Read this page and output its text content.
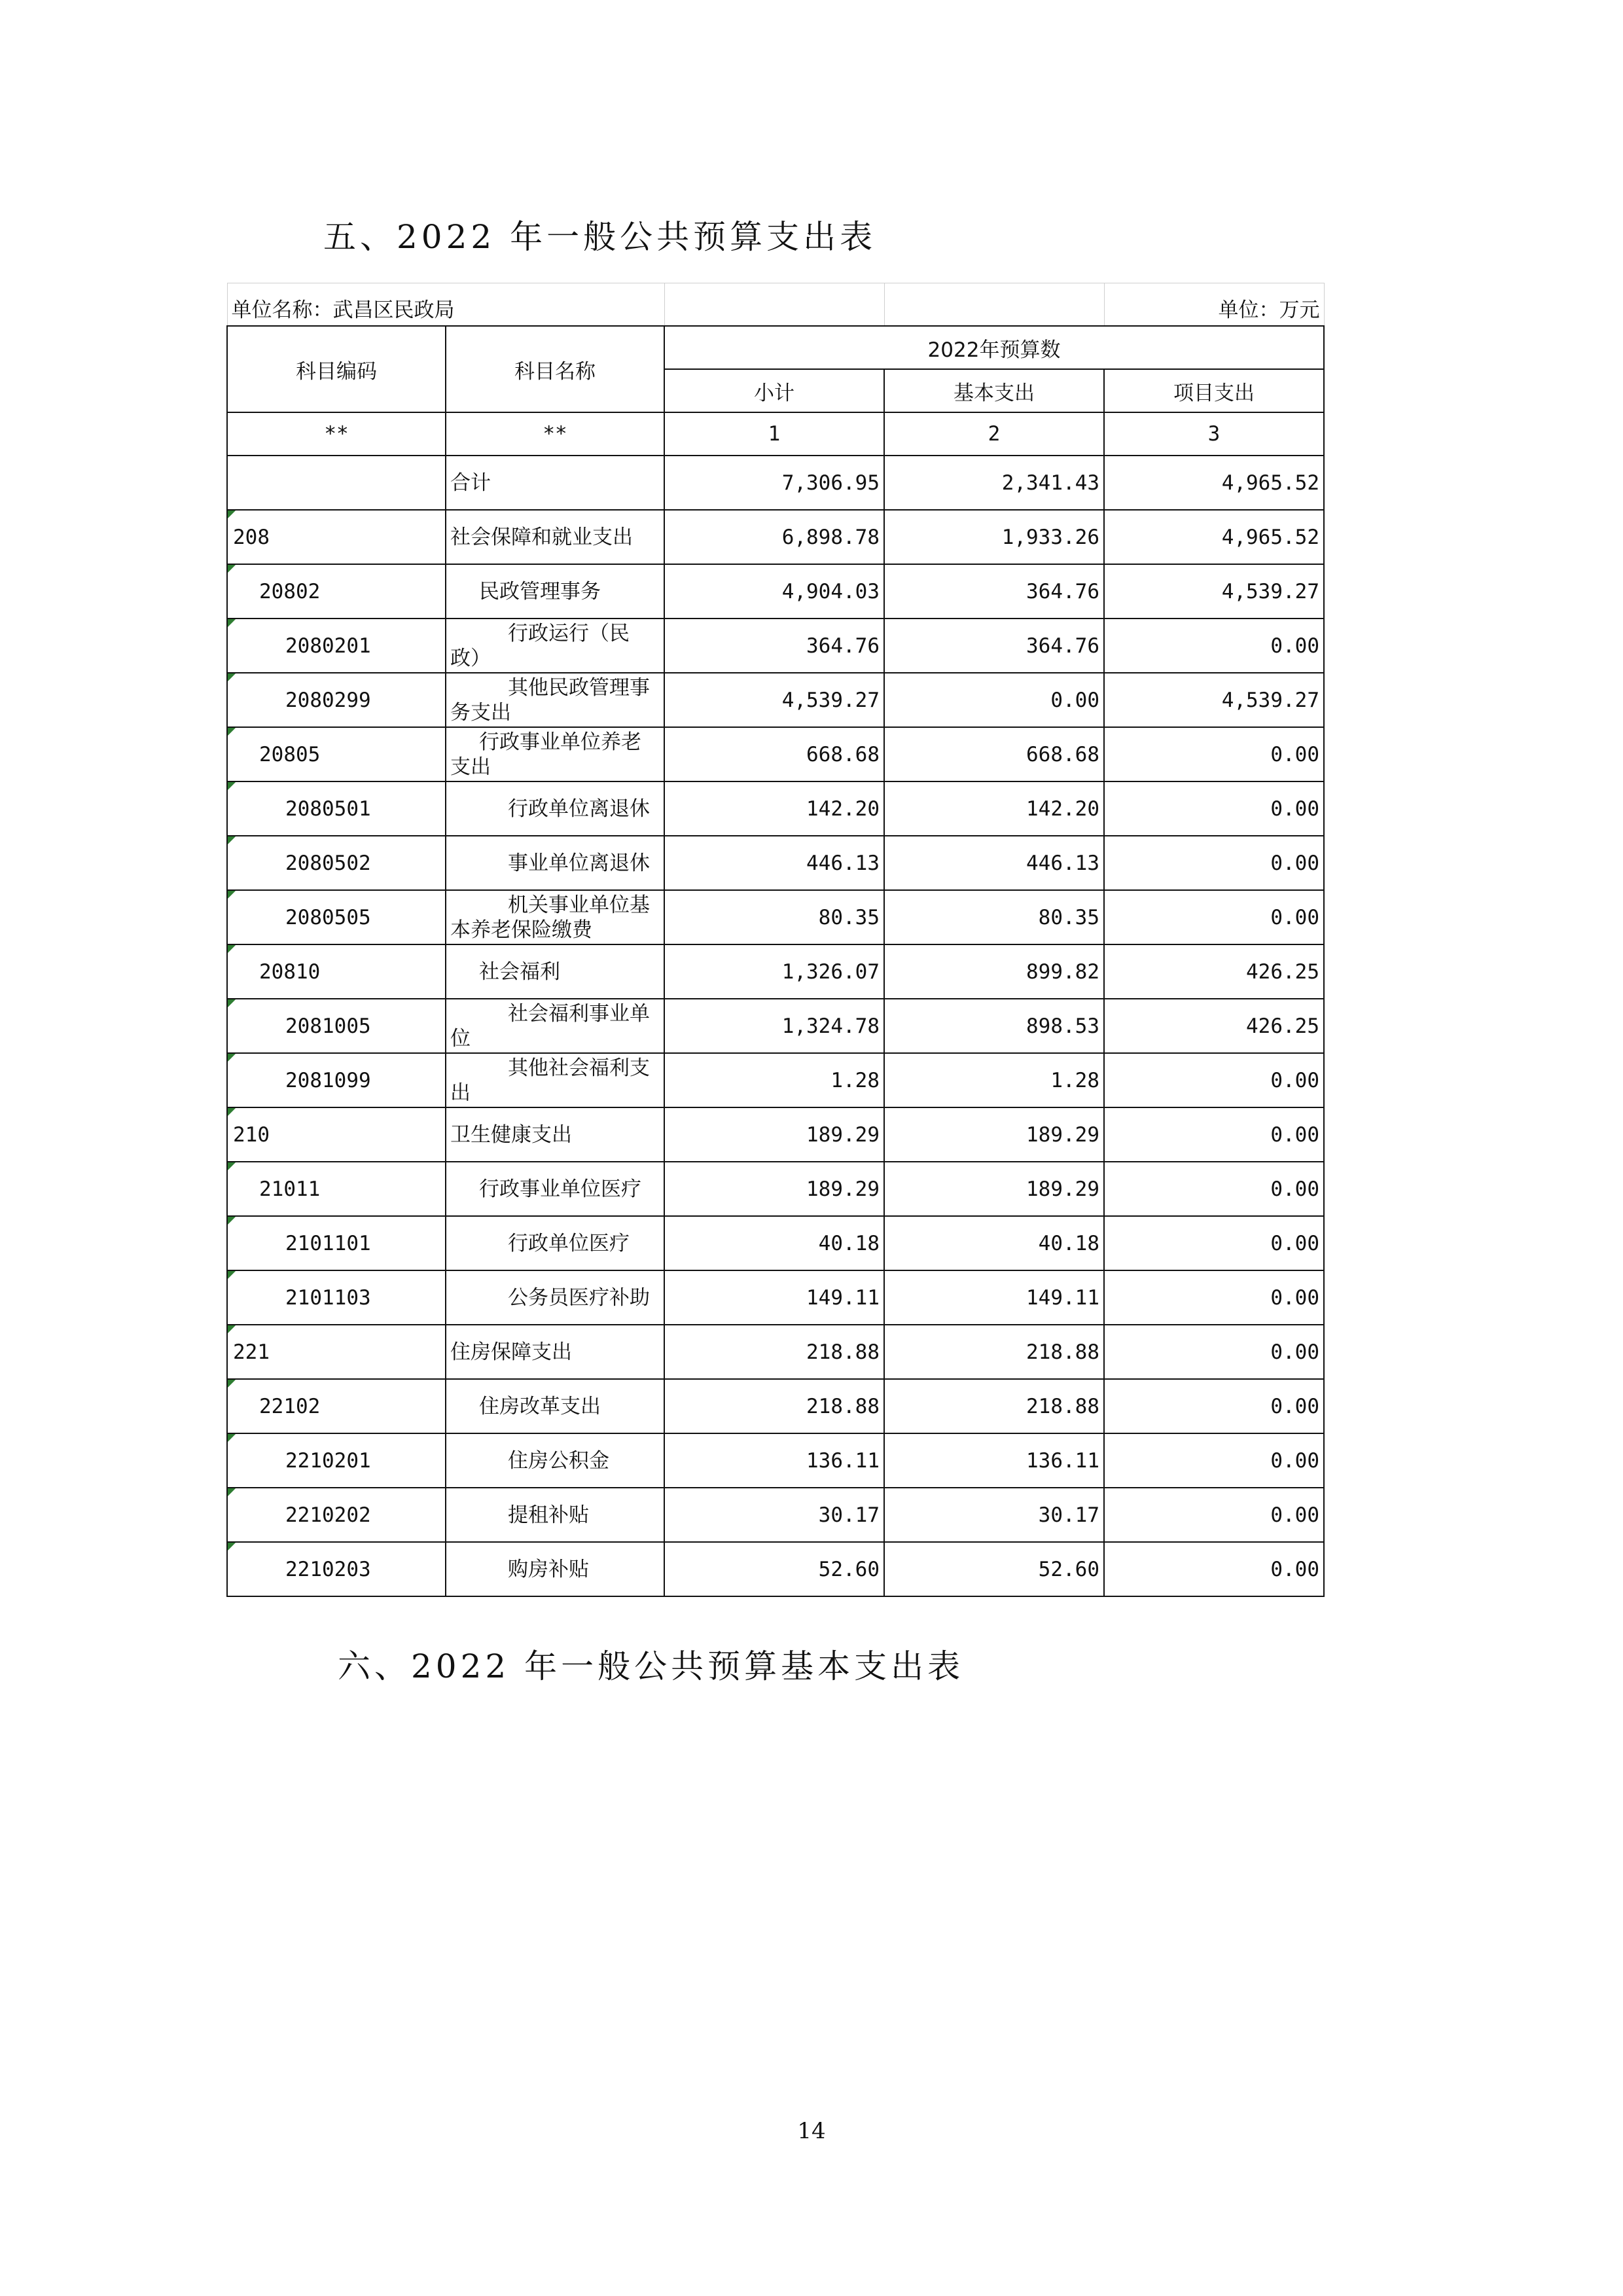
五、2022 年一般公共预算支出表
单位名称：武昌区民政局				单位：万元
科目编码	科目名称	2022年预算数		
		小计	基本支出	项目支出
**	**	1	2	3
	合计	7,306.95	2,341.43	4,965.52

208	社会保障和就业支出	6,898.78	1,933.26	4,965.52

20802	民政管理事务	4,904.03	364.76	4,539.27

2080201	行政运行（民政）	364.76	364.76	0.00

2080299	其他民政管理事务支出	4,539.27	0.00	4,539.27

20805	行政事业单位养老支出	668.68	668.68	0.00

2080501	行政单位离退休	142.20	142.20	0.00

2080502	事业单位离退休	446.13	446.13	0.00

2080505	机关事业单位基本养老保险缴费	80.35	80.35	0.00

20810	社会福利	1,326.07	899.82	426.25

2081005	社会福利事业单位	1,324.78	898.53	426.25

2081099	其他社会福利支出	1.28	1.28	0.00

210	卫生健康支出	189.29	189.29	0.00

21011	行政事业单位医疗	189.29	189.29	0.00

2101101	行政单位医疗	40.18	40.18	0.00

2101103	公务员医疗补助	149.11	149.11	0.00

221	住房保障支出	218.88	218.88	0.00

22102	住房改革支出	218.88	218.88	0.00

2210201	住房公积金	136.11	136.11	0.00

2210202	提租补贴	30.17	30.17	0.00

2210203	购房补贴	52.60	52.60	0.00
六、2022 年一般公共预算基本支出表
14
